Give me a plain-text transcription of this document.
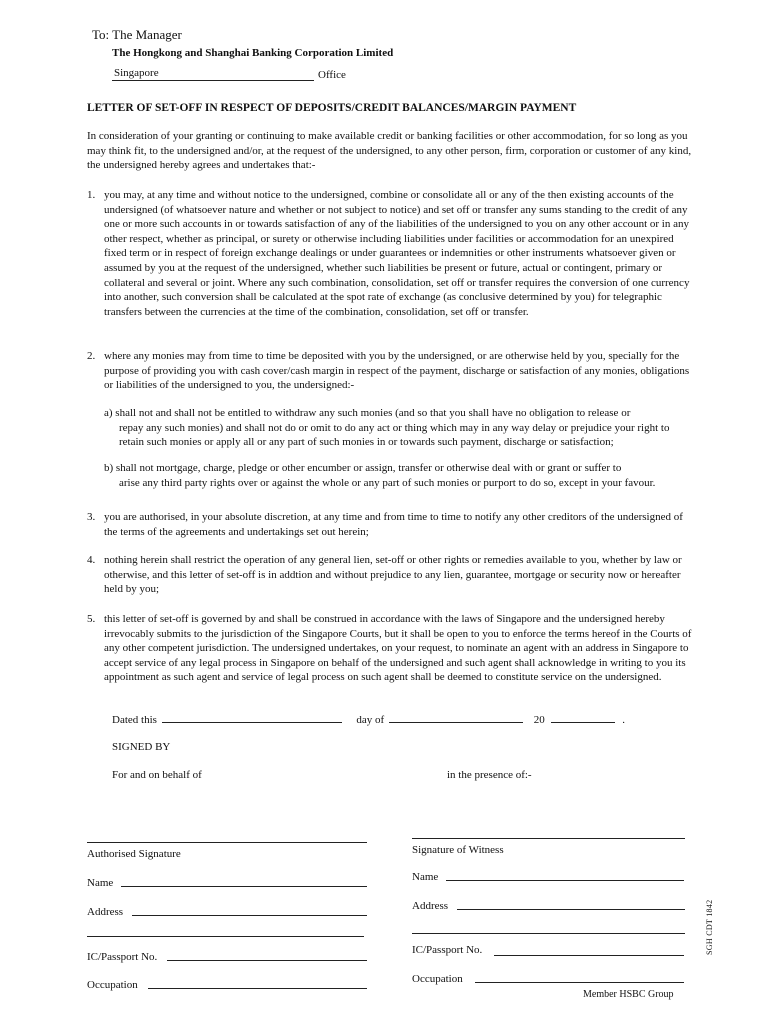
To: The Manager
The Hongkong and Shanghai Banking Corporation Limited
Singapore	Office
LETTER OF SET-OFF IN RESPECT OF DEPOSITS/CREDIT BALANCES/MARGIN PAYMENT
In consideration of your granting or continuing to make available credit or banking facilities or other accommodation, for so long as you may think fit, to the undersigned and/or, at the request of the undersigned, to any other person, firm, corporation or customer of any kind, the undersigned hereby agrees and undertakes that:-
1. you may, at any time and without notice to the undersigned, combine or consolidate all or any of the then existing accounts of the undersigned (of whatsoever nature and whether or not subject to notice) and set off or transfer any sums standing to the credit of any one or more such accounts in or towards satisfaction of any of the liabilities of the undersigned to you on any other account or in any other respect, whether as principal, or surety or otherwise including liabilities under facilities or accommodation for an unexpired fixed term or in respect of foreign exchange dealings or under guarantees or indemnities or other instruments whatsoever given or assumed by you at the request of the undersigned, whether such liabilities be present or future, actual or contingent, primary or collateral and several or joint. Where any such combination, consolidation, set off or transfer requires the conversion of one currency into another, such conversion shall be calculated at the spot rate of exchange (as conclusive determined by you) for telegraphic transfers between the currencies at the time of the combination, consolidation, set off or transfer.
2. where any monies may from time to time be deposited with you by the undersigned, or are otherwise held by you, specially for the purpose of providing you with cash cover/cash margin in respect of the payment, discharge or satisfaction of any monies, obligations or liabilities of the undersigned to you, the undersigned:-
a) shall not and shall not be entitled to withdraw any such monies (and so that you shall have no obligation to release or
repay any such monies) and shall not do or omit to do any act or thing which may in any way delay or prejudice your right to retain such monies or apply all or any part of such monies in or towards such payment, discharge or satisfaction;
b) shall not mortgage, charge, pledge or other encumber or assign, transfer or otherwise deal with or grant or suffer to
arise any third party rights over or against the whole or any part of such monies or purport to do so, except in your favour.
3. you are authorised, in your absolute discretion, at any time and from time to time to notify any other creditors of the undersigned of the terms of the agreements and undertakings set out herein;
4. nothing herein shall restrict the operation of any general lien, set-off or other rights or remedies available to you, whether by law or otherwise, and this letter of set-off is in addtion and without prejudice to any lien, guarantee, mortgage or security now or hereafter held by you;
5. this letter of set-off is governed by and shall be construed in accordance with the laws of Singapore and the undersigned hereby irrevocably submits to the jurisdiction of the Singapore Courts, but it shall be open to you to enforce the terms hereof in the Courts of any other competent jurisdiction. The undersigned undertakes, on your request, to nominate an agent with an address in Singapore to accept service of any legal process in Singapore on behalf of the undersigned and such agent shall acknowledge in writing to you its appointment as such agent and service of legal process on such agent shall be deemed to constitute service on the undersigned.
Dated this	day of	20	.
SIGNED BY
For and on behalf of	in the presence of:-
Authorised Signature
Name
Address
IC/Passport No.
Occupation
Signature of Witness
Name
Address
IC/Passport No.
Occupation
SGH CDT 1842
Member HSBC Group
